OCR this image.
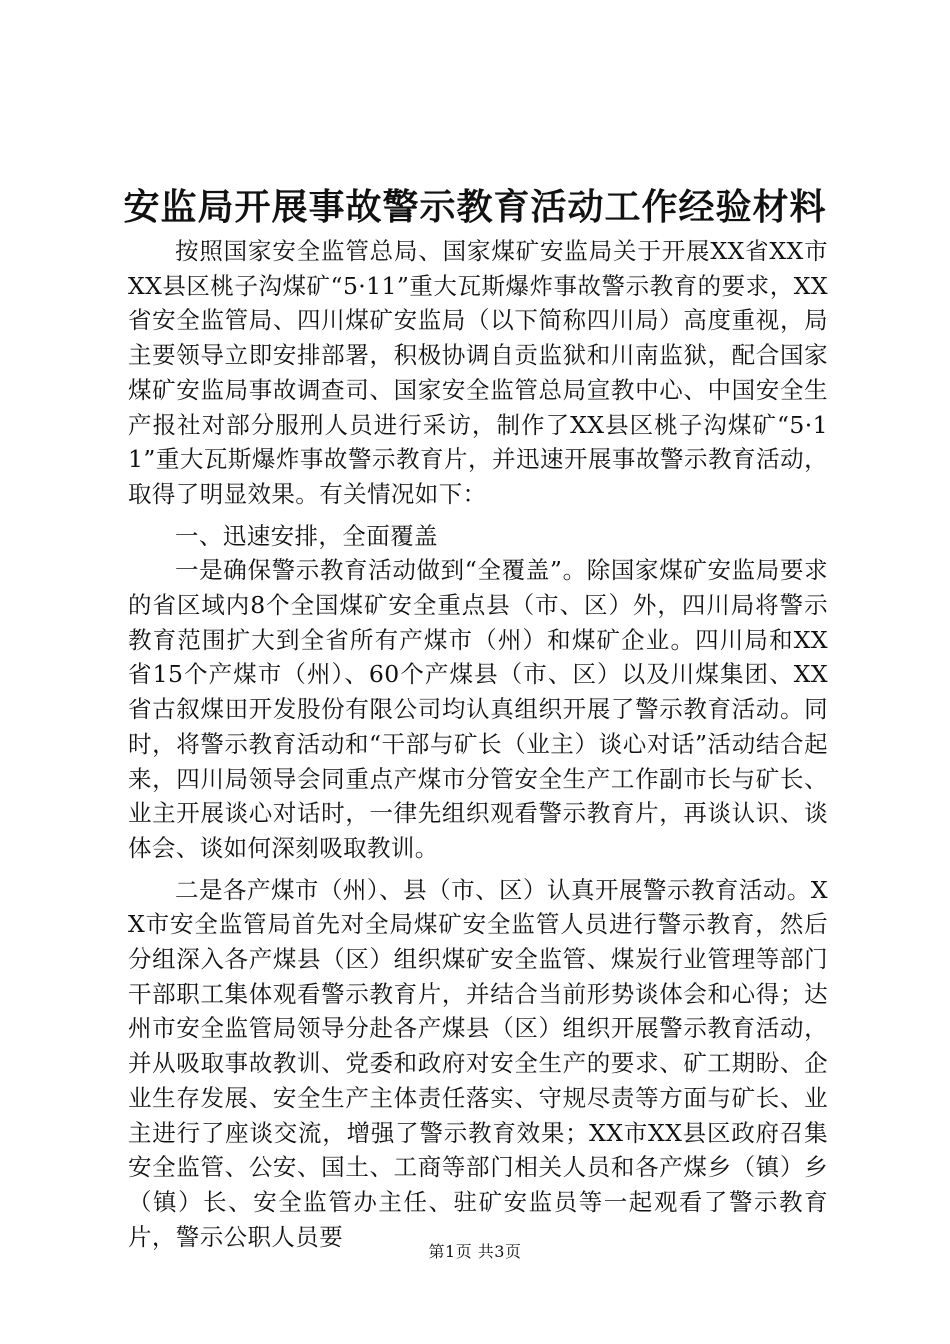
安监局开展事故警示教育活动工作经验材料

按照国家安全监管总局、国家煤矿安监局关于开展XX省XX市XX县区桃子沟煤矿“5·11”重大瓦斯爆炸事故警示教育的要求，XX省安全监管局、四川煤矿安监局（以下简称四川局）高度重视，局主要领导立即安排部署，积极协调自贡监狱和川南监狱，配合国家煤矿安监局事故调查司、国家安全监管总局宣教中心、中国安全生产报社对部分服刑人员进行采访，制作了XX县区桃子沟煤矿“5·11”重大瓦斯爆炸事故警示教育片，并迅速开展事故警示教育活动，取得了明显效果。有关情况如下：

一、迅速安排，全面覆盖

一是确保警示教育活动做到“全覆盖”。除国家煤矿安监局要求的省区域内8个全国煤矿安全重点县（市、区）外，四川局将警示教育范围扩大到全省所有产煤市（州）和煤矿企业。四川局和XX省15个产煤市（州）、60个产煤县（市、区）以及川煤集团、XX省古叙煤田开发股份有限公司均认真组织开展了警示教育活动。同时，将警示教育活动和“干部与矿长（业主）谈心对话”活动结合起来，四川局领导会同重点产煤市分管安全生产工作副市长与矿长、业主开展谈心对话时，一律先组织观看警示教育片，再谈认识、谈体会、谈如何深刻吸取教训。

二是各产煤市（州）、县（市、区）认真开展警示教育活动。XX市安全监管局首先对全局煤矿安全监管人员进行警示教育，然后分组深入各产煤县（区）组织煤矿安全监管、煤炭行业管理等部门干部职工集体观看警示教育片，并结合当前形势谈体会和心得；达州市安全监管局领导分赴各产煤县（区）组织开展警示教育活动，并从吸取事故教训、党委和政府对安全生产的要求、矿工期盼、企业生存发展、安全生产主体责任落实、守规尽责等方面与矿长、业主进行了座谈交流，增强了警示教育效果；XX市XX县区政府召集安全监管、公安、国土、工商等部门相关人员和各产煤乡（镇）乡（镇）长、安全监管办主任、驻矿安监员等一起观看了警示教育片，警示公职人员要

第1页 共3页
